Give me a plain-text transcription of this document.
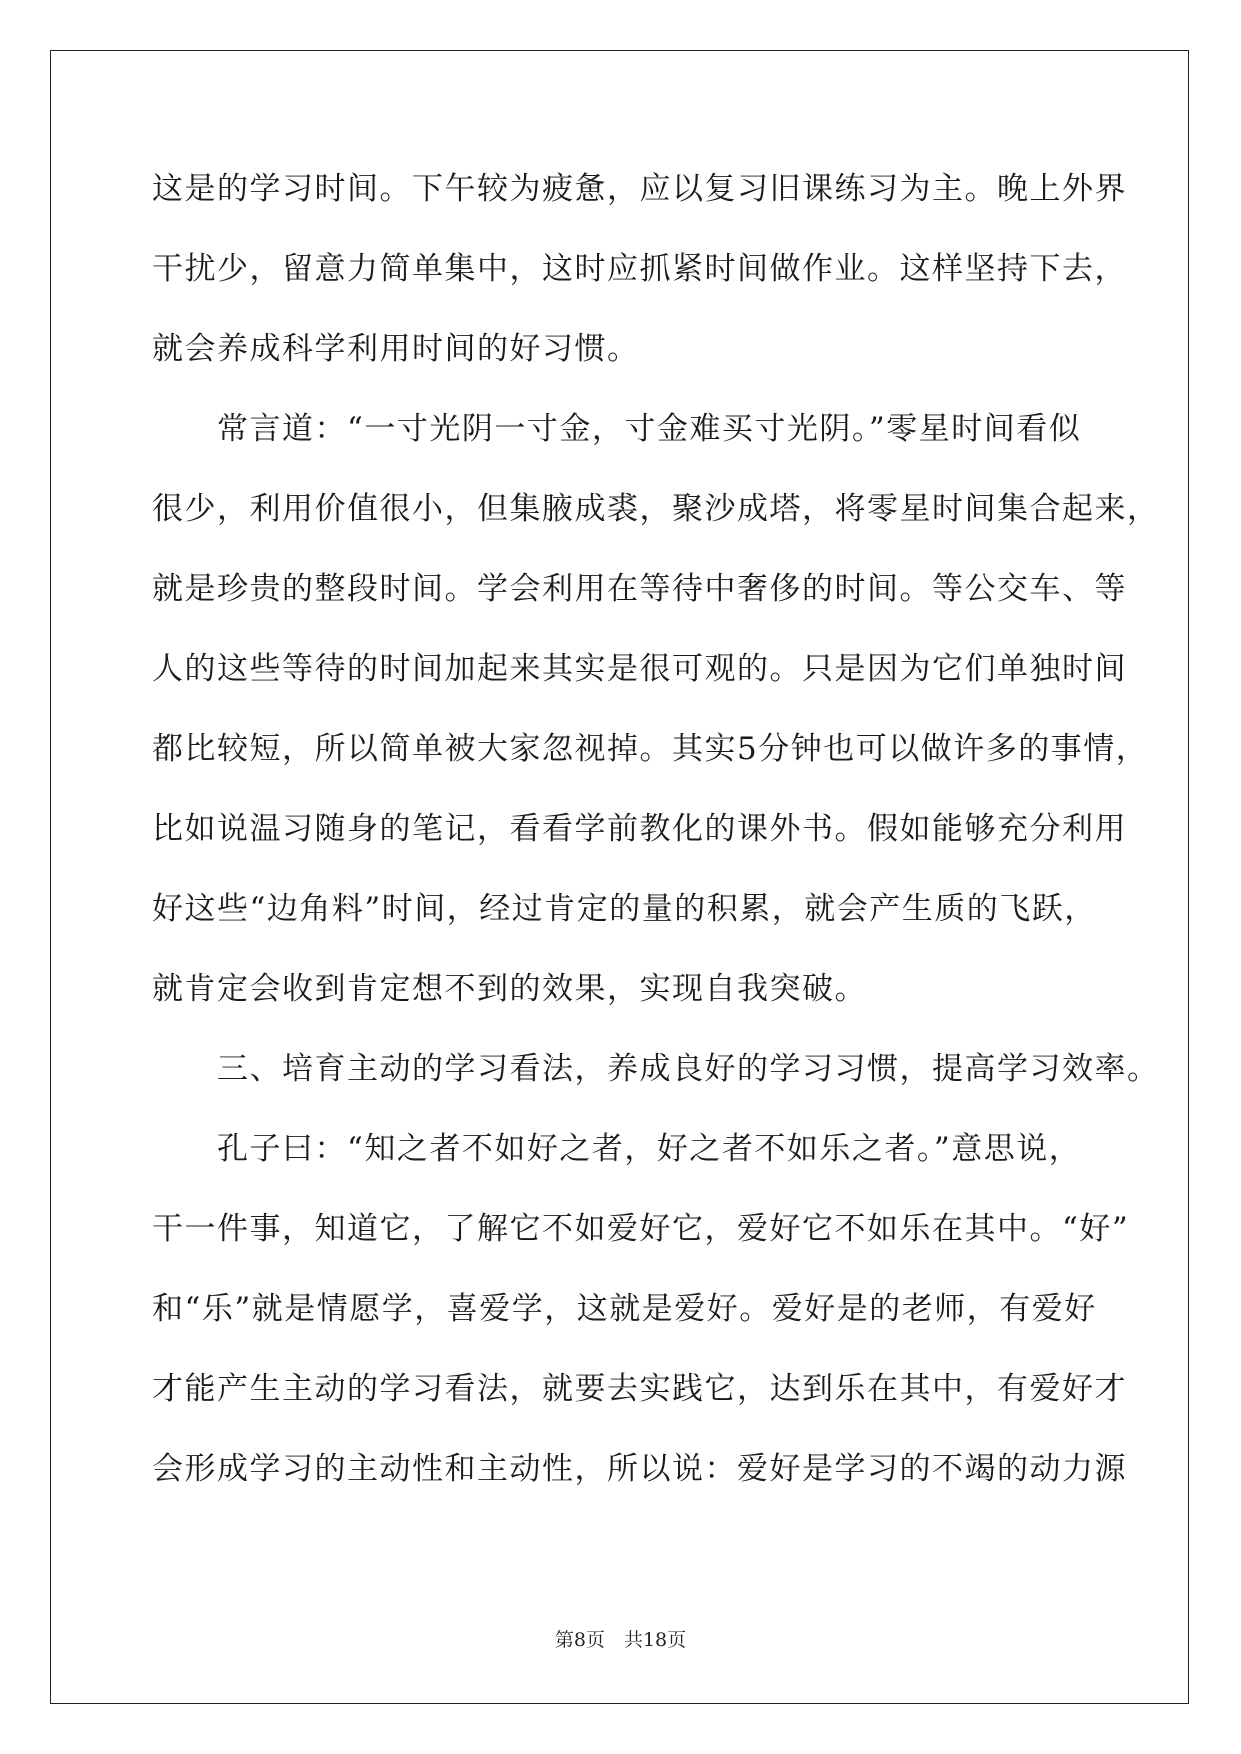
这是的学习时间。下午较为疲惫，应以复习旧课练习为主。晚上外界
干扰少，留意力简单集中，这时应抓紧时间做作业。这样坚持下去，
就会养成科学利用时间的好习惯。
　　常言道：“一寸光阴一寸金，寸金难买寸光阴。”零星时间看似
很少，利用价值很小，但集腋成裘，聚沙成塔，将零星时间集合起来，
就是珍贵的整段时间。学会利用在等待中奢侈的时间。等公交车、等
人的这些等待的时间加起来其实是很可观的。只是因为它们单独时间
都比较短，所以简单被大家忽视掉。其实5分钟也可以做许多的事情，
比如说温习随身的笔记，看看学前教化的课外书。假如能够充分利用
好这些“边角料”时间，经过肯定的量的积累，就会产生质的飞跃，
就肯定会收到肯定想不到的效果，实现自我突破。
　　三、培育主动的学习看法，养成良好的学习习惯，提高学习效率。
　　孔子曰：“知之者不如好之者，好之者不如乐之者。”意思说，
干一件事，知道它，了解它不如爱好它，爱好它不如乐在其中。“好”
和“乐”就是情愿学，喜爱学，这就是爱好。爱好是的老师，有爱好
才能产生主动的学习看法，就要去实践它，达到乐在其中，有爱好才
会形成学习的主动性和主动性，所以说：爱好是学习的不竭的动力源
第8页　共18页
